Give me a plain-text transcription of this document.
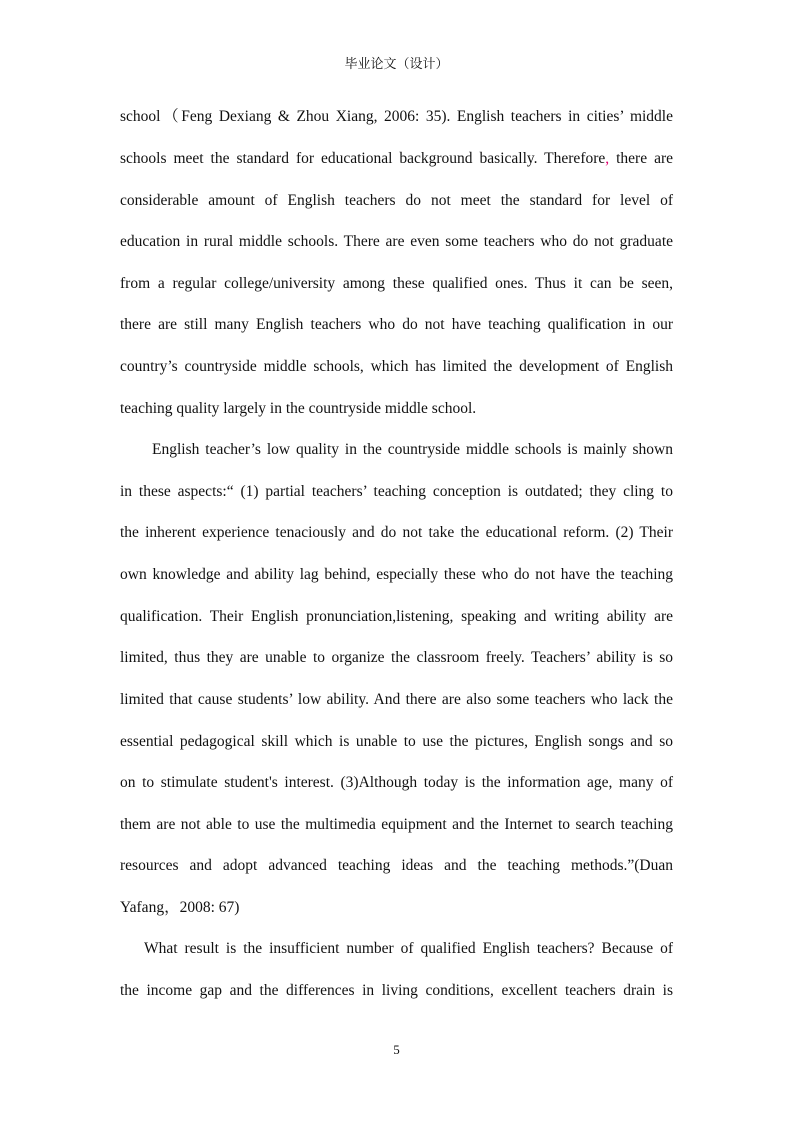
毕业论文（设计）
school（Feng Dexiang & Zhou Xiang, 2006: 35). English teachers in cities’ middle
schools meet the standard for educational background basically. Therefore, there are
considerable amount of English teachers do not meet the standard for level of
education in rural middle schools. There are even some teachers who do not graduate
from a regular college/university among these qualified ones. Thus it can be seen,
there are still many English teachers who do not have teaching qualification in our
country’s countryside middle schools, which has limited the development of English
teaching quality largely in the countryside middle school.
English teacher’s low quality in the countryside middle schools is mainly shown
in these aspects:“ (1) partial teachers’ teaching conception is outdated; they cling to
the inherent experience tenaciously and do not take the educational reform. (2) Their
own knowledge and ability lag behind, especially these who do not have the teaching
qualification. Their English pronunciation,listening, speaking and writing ability are
limited, thus they are unable to organize the classroom freely. Teachers’ ability is so
limited that cause students’ low ability. And there are also some teachers who lack the
essential pedagogical skill which is unable to use the pictures, English songs and so
on to stimulate student's interest. (3)Although today is the information age, many of
them are not able to use the multimedia equipment and the Internet to search teaching
resources and adopt advanced teaching ideas and the teaching methods.”(Duan
Yafang，2008: 67)
What result is the insufficient number of qualified English teachers? Because of
the income gap and the differences in living conditions, excellent teachers drain is
5
